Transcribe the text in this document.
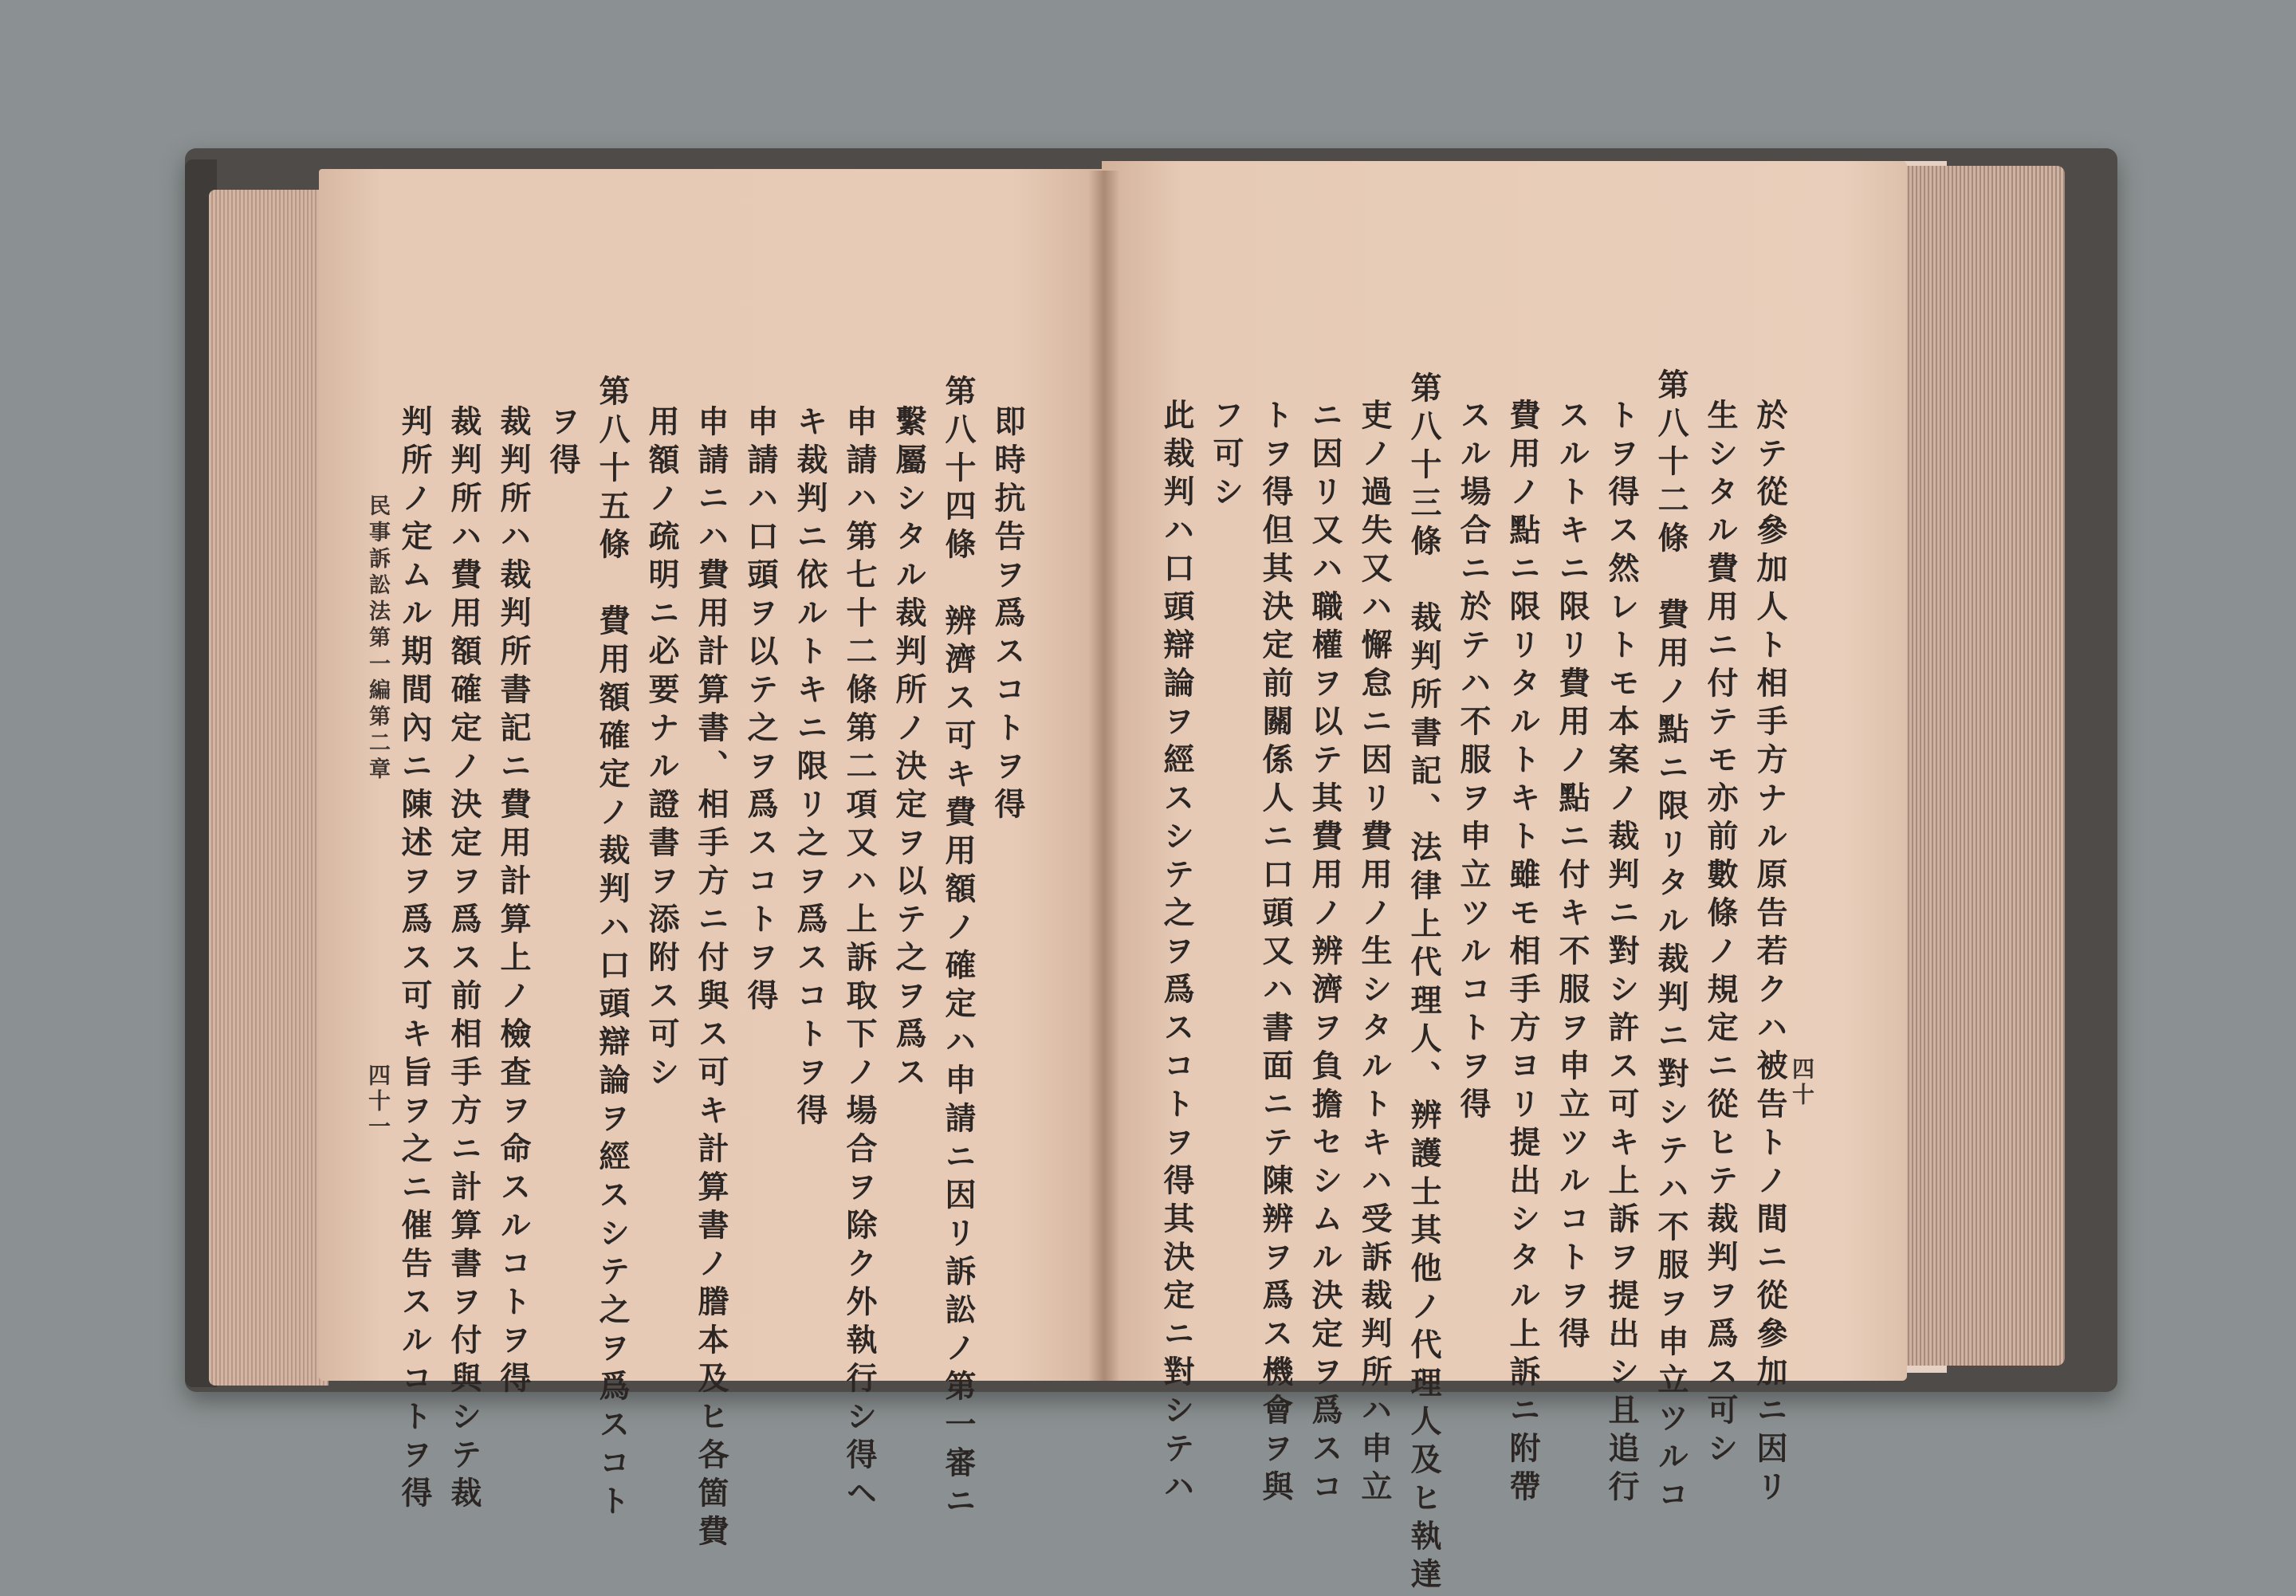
於テ從參加人ト相手方ナル原告若クハ被告トノ間ニ從參加ニ因リ
生シタル費用ニ付テモ亦前數條ノ規定ニ從ヒテ裁判ヲ爲ス可シ
第八十二條　費用ノ點ニ限リタル裁判ニ對シテハ不服ヲ申立ツルコ
トヲ得ス然レトモ本案ノ裁判ニ對シ許ス可キ上訴ヲ提出シ且追行
スルトキニ限リ費用ノ點ニ付キ不服ヲ申立ツルコトヲ得
費用ノ點ニ限リタルトキト雖モ相手方ヨリ提出シタル上訴ニ附帶
スル場合ニ於テハ不服ヲ申立ツルコトヲ得
第八十三條　裁判所書記、法律上代理人、辨護士其他ノ代理人及ヒ執達
吏ノ過失又ハ懈怠ニ因リ費用ノ生シタルトキハ受訴裁判所ハ申立
ニ因リ又ハ職權ヲ以テ其費用ノ辨濟ヲ負擔セシムル決定ヲ爲スコ
トヲ得但其決定前關係人ニ口頭又ハ書面ニテ陳辨ヲ爲ス機會ヲ與
フ可シ
此裁判ハ口頭辯論ヲ經スシテ之ヲ爲スコトヲ得其決定ニ對シテハ	四十
即時抗告ヲ爲スコトヲ得
第八十四條　辨濟ス可キ費用額ノ確定ハ申請ニ因リ訴訟ノ第一審ニ
繫屬シタル裁判所ノ決定ヲ以テ之ヲ爲ス
申請ハ第七十二條第二項又ハ上訴取下ノ場合ヲ除ク外執行シ得ヘ
キ裁判ニ依ルトキニ限リ之ヲ爲スコトヲ得
申請ハ口頭ヲ以テ之ヲ爲スコトヲ得
申請ニハ費用計算書、相手方ニ付與ス可キ計算書ノ謄本及ヒ各箇費
用額ノ疏明ニ必要ナル證書ヲ添附ス可シ
第八十五條　費用額確定ノ裁判ハ口頭辯論ヲ經スシテ之ヲ爲スコト
ヲ得
裁判所ハ裁判所書記ニ費用計算上ノ檢查ヲ命スルコトヲ得
裁判所ハ費用額確定ノ決定ヲ爲ス前相手方ニ計算書ヲ付與シテ裁
判所ノ定ムル期間內ニ陳述ヲ爲ス可キ旨ヲ之ニ催告スルコトヲ得
民事訴訟法第一編第二章
四十一
